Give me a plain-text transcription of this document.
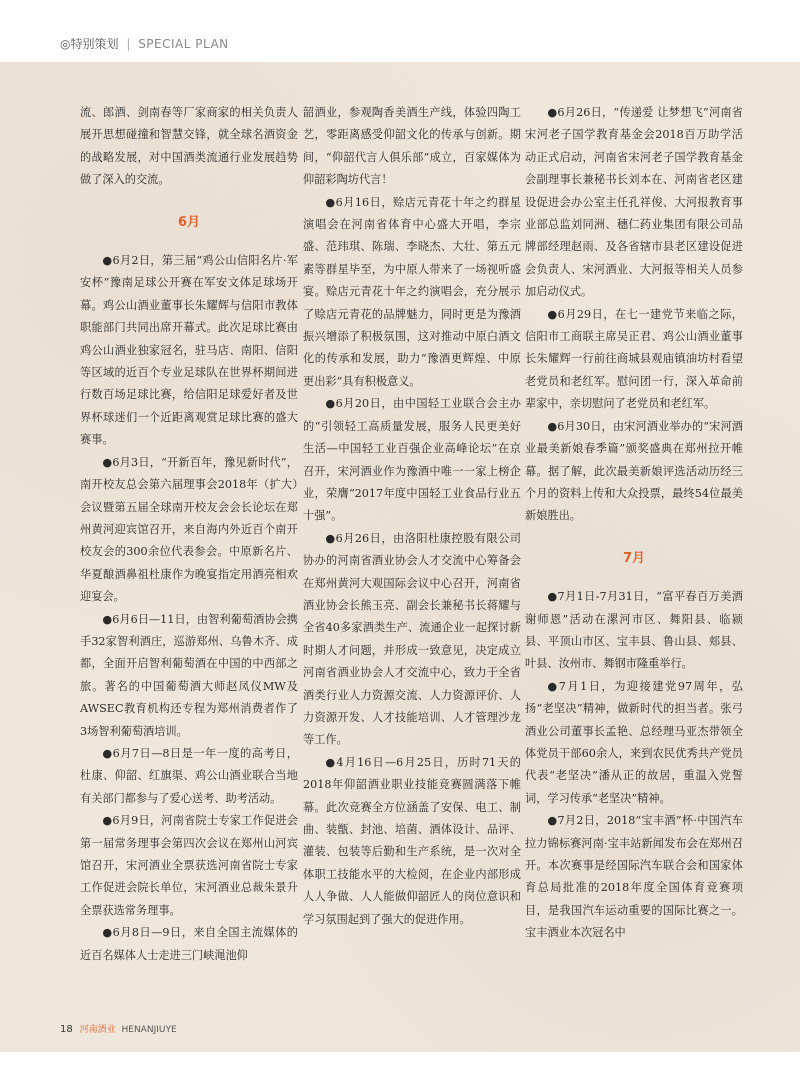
◎特别策划 | SPECIAL PLAN

流、郎酒、剑南春等厂家商家的相关负责人展开思想碰撞和智慧交锋，就全球名酒资金的战略发展，对中国酒类流通行业发展趋势做了深入的交流。

6月

●6月2日，第三届“鸡公山信阳名片·军安杯”豫南足球公开赛在军安文体足球场开幕。鸡公山酒业董事长朱耀辉与信阳市教体职能部门共同出席开幕式。此次足球比赛由鸡公山酒业独家冠名，驻马店、南阳、信阳等区域的近百个专业足球队在世界杯期间进行数百场足球比赛，给信阳足球爱好者及世界杯球迷们一个近距离观赏足球比赛的盛大赛事。

●6月3日，“开新百年，豫见新时代”，南开校友总会第六届理事会2018年（扩大）会议暨第五届全球南开校友会会长论坛在郑州黄河迎宾馆召开，来自海内外近百个南开校友会的300余位代表参会。中原新名片、华夏酿酒鼻祖杜康作为晚宴指定用酒亮相欢迎宴会。

●6月6日—11日，由智利葡萄酒协会携手32家智利酒庄，巡游郑州、乌鲁木齐、成都，全面开启智利葡萄酒在中国的中西部之旅。著名的中国葡萄酒大师赵凤仪MW及AWSEC教育机构还专程为郑州消费者作了3场智利葡萄酒培训。

●6月7日—8日是一年一度的高考日，杜康、仰韶、红旗渠、鸡公山酒业联合当地有关部门都参与了爱心送考、助考活动。

●6月9日，河南省院士专家工作促进会第一届常务理事会第四次会议在郑州山河宾馆召开，宋河酒业全票获选河南省院士专家工作促进会院长单位，宋河酒业总裁朱景升全票获选常务理事。

●6月8日—9日，来自全国主流媒体的近百名媒体人士走进三门峡渑池仰

韶酒业，参观陶香美酒生产线，体验四陶工艺，零距离感受仰韶文化的传承与创新。期间，“仰韶代言人俱乐部”成立，百家媒体为仰韶彩陶坊代言！

●6月16日，赊店元青花十年之约群星演唱会在河南省体育中心盛大开唱，李宗盛、范玮琪、陈瑞、李晓杰、大壮、第五元素等群星毕至，为中原人带来了一场视听盛宴。赊店元青花十年之约演唱会，充分展示了赊店元青花的品牌魅力，同时更是为豫酒振兴增添了积极氛围，这对推动中原白酒文化的传承和发展，助力“豫酒更辉煌、中原更出彩”具有积极意义。

●6月20日，由中国轻工业联合会主办的“引领轻工高质量发展，服务人民更美好生活—中国轻工业百强企业高峰论坛”在京召开，宋河酒业作为豫酒中唯一一家上榜企业，荣膺“2017年度中国轻工业食品行业五十强”。

●6月26日，由洛阳杜康控股有限公司协办的河南省酒业协会人才交流中心筹备会在郑州黄河大观国际会议中心召开，河南省酒业协会长熊玉亮、副会长兼秘书长蒋耀与全省40多家酒类生产、流通企业一起探讨新时期人才问题，并形成一致意见，决定成立河南省酒业协会人才交流中心，致力于全省酒类行业人力资源交流、人力资源评价、人力资源开发、人才技能培训、人才管理沙龙等工作。

●4月16日—6月25日，历时71天的2018年仰韶酒业职业技能竞赛圆满落下帷幕。此次竞赛全方位涵盖了安保、电工、制曲、装甑、封池、培菌、酒体设计、品评、灌装、包装等后勤和生产系统，是一次对全体职工技能水平的大检阅，在企业内部形成人人争做、人人能做仰韶匠人的岗位意识和学习氛围起到了强大的促进作用。

●6月26日，“传递爱 让梦想飞”河南省宋河老子国学教育基金会2018百万助学活动正式启动，河南省宋河老子国学教育基金会副理事长兼秘书长刘本在、河南省老区建设促进会办公室主任孔祥俊、大河报教育事业部总监刘同洲、穗仁药业集团有限公司品牌部经理赵雨、及各省辖市县老区建设促进会负责人、宋河酒业、大河报等相关人员参加启动仪式。

●6月29日，在七一建党节来临之际，信阳市工商联主席吴正君、鸡公山酒业董事长朱耀辉一行前往商城县观庙镇油坊村看望老党员和老红军。慰问团一行，深入革命前辈家中，亲切慰问了老党员和老红军。

●6月30日，由宋河酒业举办的“宋河酒业最美新娘春季篇”颁奖盛典在郑州拉开帷幕。据了解，此次最美新娘评选活动历经三个月的资料上传和大众投票，最终54位最美新娘胜出。

7月

●7月1日-7月31日，“富平春百万美酒谢师恩”活动在漯河市区、舞阳县、临颍县、平顶山市区、宝丰县、鲁山县、郏县、叶县、汝州市、舞钢市隆重举行。

●7月1日，为迎接建党97周年，弘扬“老坚决”精神，做新时代的担当者。张弓酒业公司董事长孟艳、总经理马亚杰带领全体党员干部60余人，来到农民优秀共产党员代表“老坚决”潘从正的故居，重温入党誓词，学习传承“老坚决”精神。

●7月2日，2018“宝丰酒”杯·中国汽车拉力锦标赛河南·宝丰站新闻发布会在郑州召开。本次赛事是经国际汽车联合会和国家体育总局批准的2018年度全国体育竞赛项目，是我国汽车运动重要的国际比赛之一。宝丰酒业本次冠名中

18 河南酒业 HENANJIUYE
